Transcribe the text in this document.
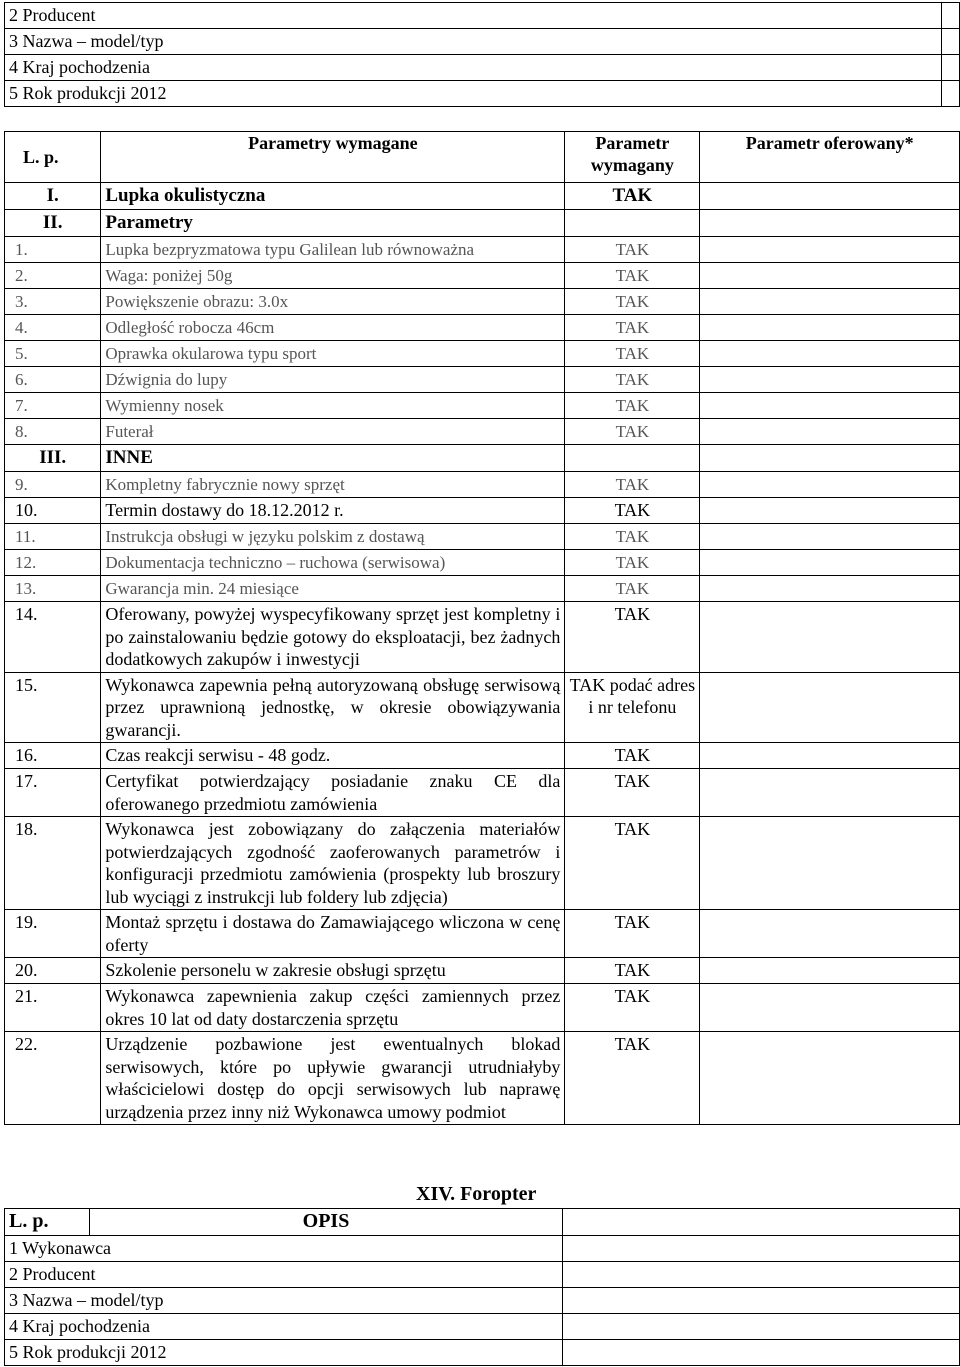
2 Producent	
3 Nazwa – model/typ	
4 Kraj pochodzenia	
5 Rok produkcji 2012	
L. p.	Parametry wymagane	Parametr wymagany	Parametr oferowany*
I.	Lupka okulistyczna	TAK	
II.	Parametry		
1.	Lupka bezpryzmatowa typu Galilean lub równoważna	TAK	
2.	Waga: poniżej 50g	TAK	
3.	Powiększenie obrazu: 3.0x	TAK	
4.	Odległość robocza 46cm	TAK	
5.	Oprawka okularowa typu sport	TAK	
6.	Dźwignia do lupy	TAK	
7.	Wymienny nosek	TAK	
8.	Futerał	TAK	
III.	INNE		
9.	Kompletny fabrycznie nowy sprzęt	TAK	
10.	Termin dostawy do 18.12.2012 r.	TAK	
11.	Instrukcja obsługi w języku polskim z dostawą	TAK	
12.	Dokumentacja techniczno – ruchowa (serwisowa)	TAK	
13.	Gwarancja min. 24 miesiące	TAK	
14.	Oferowany, powyżej wyspecyfikowany sprzęt jest kompletny i po zainstalowaniu będzie gotowy do eksploatacji, bez żadnych dodatkowych zakupów i inwestycji	TAK	
15.	Wykonawca zapewnia pełną autoryzowaną obsługę serwisową przez uprawnioną jednostkę, w okresie obowiązywania gwarancji.	TAK podać adres i nr telefonu	
16.	Czas reakcji serwisu - 48 godz.	TAK	
17.	Certyfikat potwierdzający posiadanie znaku CE dla oferowanego przedmiotu zamówienia	TAK	
18.	Wykonawca jest zobowiązany do załączenia materiałów potwierdzających zgodność zaoferowanych parametrów i konfiguracji przedmiotu zamówienia (prospekty lub broszury lub wyciągi z instrukcji lub foldery lub zdjęcia)	TAK	
19.	Montaż sprzętu i dostawa do Zamawiającego wliczona w cenę oferty	TAK	
20.	Szkolenie personelu w zakresie obsługi sprzętu	TAK	
21.	Wykonawca zapewnienia zakup części zamiennych przez okres 10 lat od daty dostarczenia sprzętu	TAK	
22.	Urządzenie pozbawione jest ewentualnych blokad serwisowych, które po upływie gwarancji utrudniałyby właścicielowi dostęp do opcji serwisowych lub naprawę urządzenia przez inny niż Wykonawca umowy podmiot	TAK	

XIV. Foropter

L. p.	OPIS	
1 Wykonawca		
2 Producent		
3 Nazwa – model/typ		
4 Kraj pochodzenia		
5 Rok produkcji 2012		
